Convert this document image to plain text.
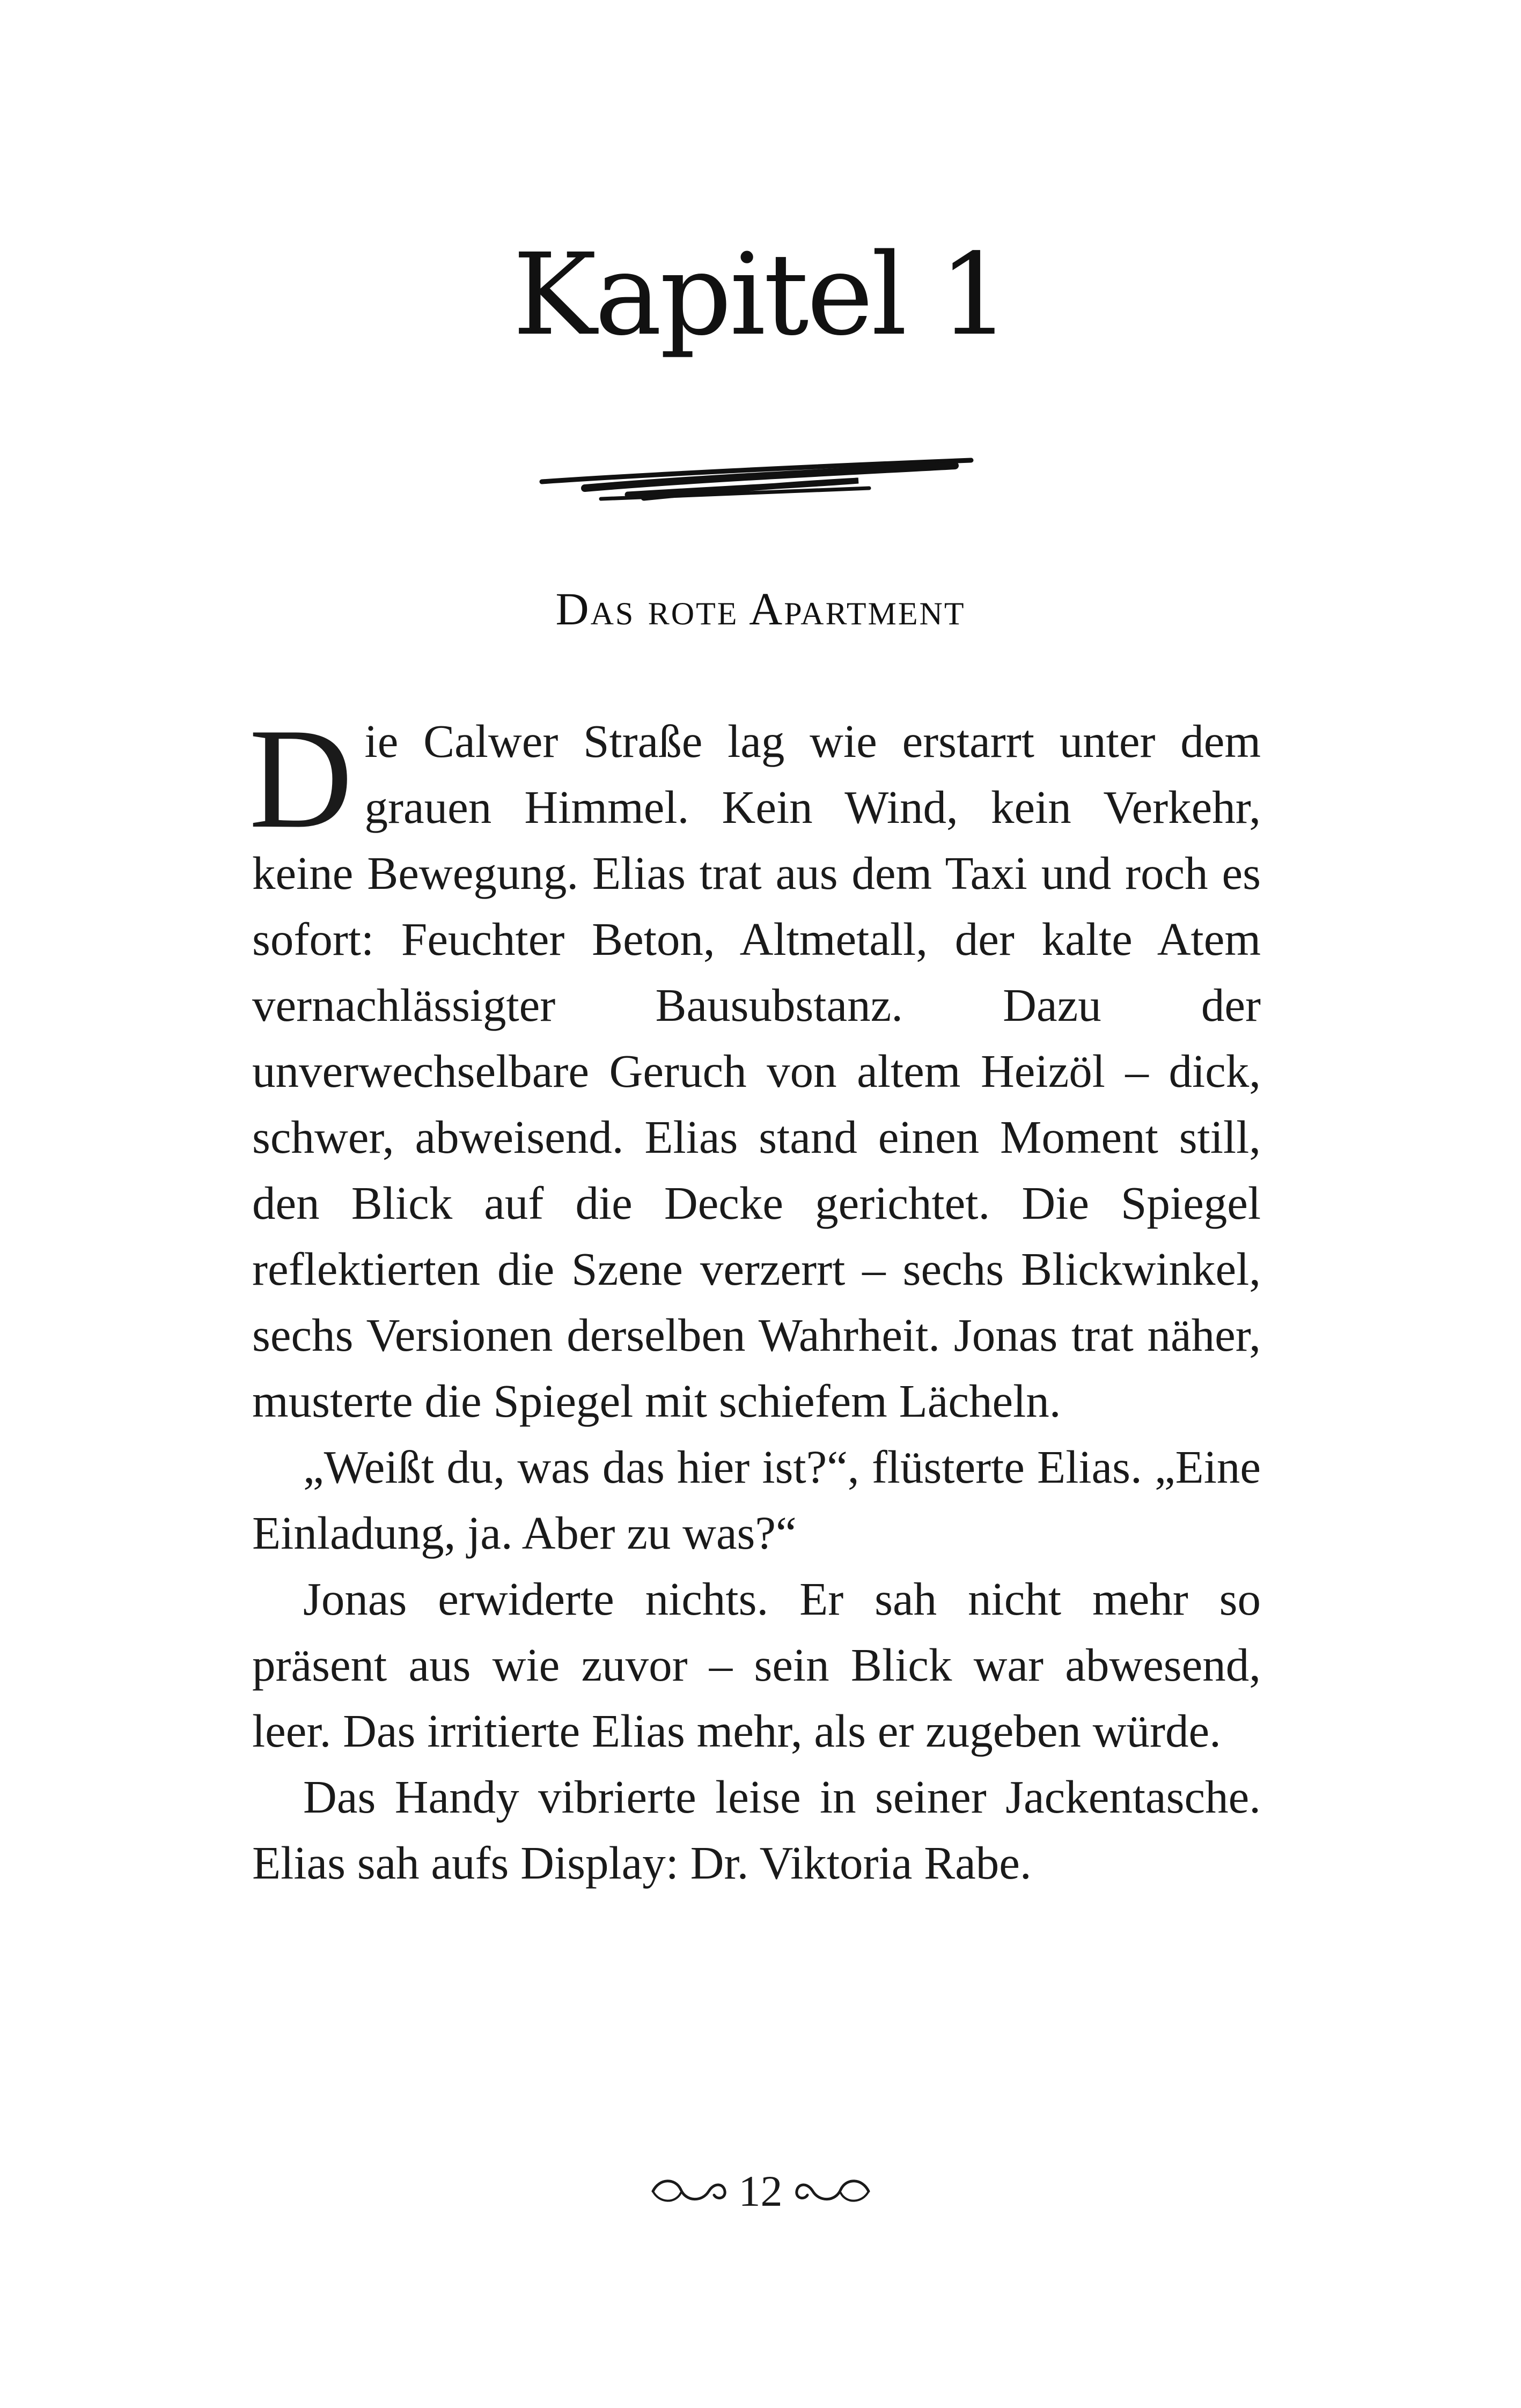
Kapitel 1
Das rote Apartment

Die Calwer Straße lag wie erstarrt unter dem grauen Himmel. Kein Wind, kein Verkehr, keine Bewegung. Elias trat aus dem Taxi und roch es sofort: Feuchter Beton, Altmetall, der kalte Atem vernachlässigter Bausubstanz. Dazu der unverwechselbare Geruch von altem Heizöl – dick, schwer, abweisend. Elias stand einen Moment still, den Blick auf die Decke gerichtet. Die Spiegel reflektierten die Szene verzerrt – sechs Blickwinkel, sechs Versionen derselben Wahrheit. Jonas trat näher, musterte die Spiegel mit schiefem Lächeln.

„Weißt du, was das hier ist?“, flüsterte Elias. „Eine Einladung, ja. Aber zu was?“

Jonas erwiderte nichts. Er sah nicht mehr so präsent aus wie zuvor – sein Blick war abwesend, leer. Das irritierte Elias mehr, als er zugeben würde.

Das Handy vibrierte leise in seiner Jackentasche. Elias sah aufs Display: Dr. Viktoria Rabe.

12
